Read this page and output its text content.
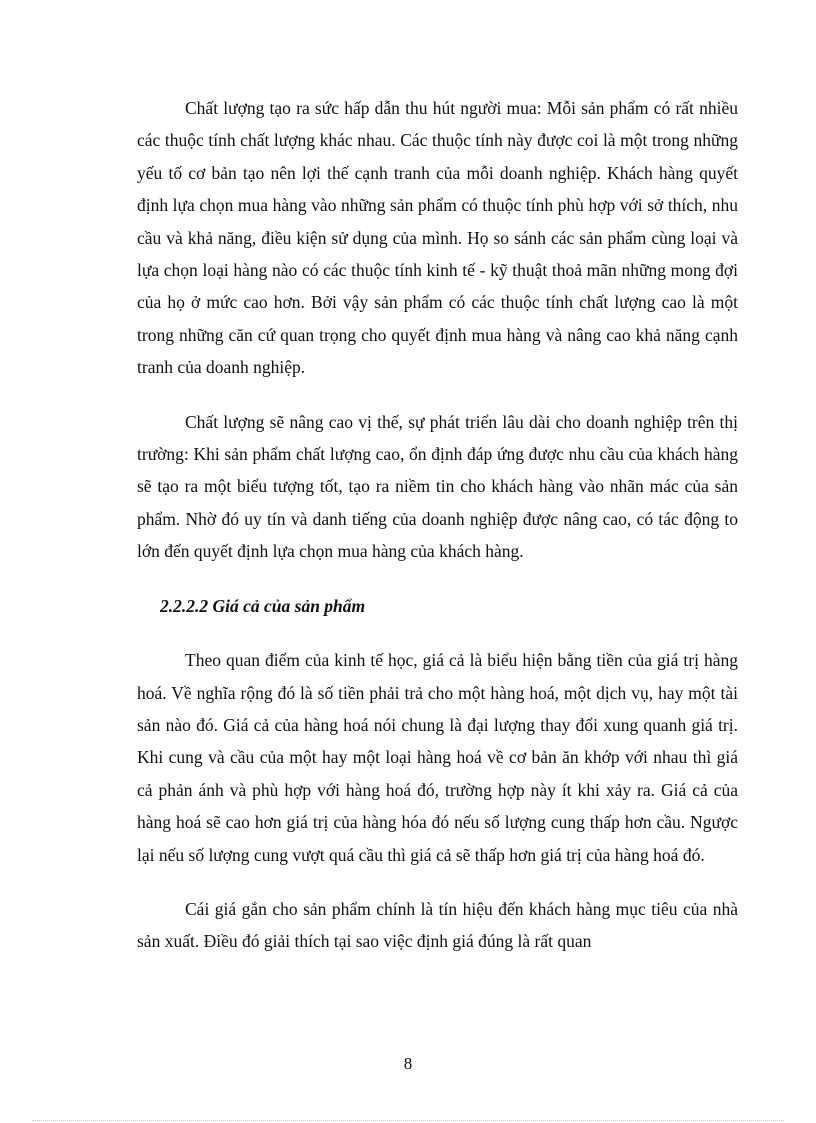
Chất lượng tạo ra sức hấp dẫn thu hút người mua: Mỗi sản phẩm có rất nhiều các thuộc tính chất lượng khác nhau. Các thuộc tính này được coi là một trong những yếu tố cơ bản tạo nên lợi thế cạnh tranh của mỗi doanh nghiệp. Khách hàng quyết định lựa chọn mua hàng vào những sản phẩm có thuộc tính phù hợp với sở thích, nhu cầu và khả năng, điều kiện sử dụng của mình. Họ so sánh các sản phẩm cùng loại và lựa chọn loại hàng nào có các thuộc tính kinh tế - kỹ thuật thoả mãn những mong đợi của họ ở mức cao hơn. Bởi vậy sản phẩm có các thuộc tính chất lượng cao là một trong những căn cứ quan trọng cho quyết định mua hàng và nâng cao khả năng cạnh tranh của doanh nghiệp.

Chất lượng sẽ nâng cao vị thế, sự phát triển lâu dài cho doanh nghiệp trên thị trường: Khi sản phẩm chất lượng cao, ổn định đáp ứng được nhu cầu của khách hàng sẽ tạo ra một biểu tượng tốt, tạo ra niềm tin cho khách hàng vào nhãn mác của sản phẩm. Nhờ đó uy tín và danh tiếng của doanh nghiệp được nâng cao, có tác động to lớn đến quyết định lựa chọn mua hàng của khách hàng.

2.2.2.2 Giá cả của sản phẩm

Theo quan điểm của kinh tế học, giá cả là biểu hiện bằng tiền của giá trị hàng hoá. Về nghĩa rộng đó là số tiền phải trả cho một hàng hoá, một dịch vụ, hay một tài sản nào đó. Giá cả của hàng hoá nói chung là đại lượng thay đổi xung quanh giá trị. Khi cung và cầu của một hay một loại hàng hoá về cơ bản ăn khớp với nhau thì giá cả phản ánh và phù hợp với hàng hoá đó, trường hợp này ít khi xảy ra. Giá cả của hàng hoá sẽ cao hơn giá trị của hàng hóa đó nếu số lượng cung thấp hơn cầu. Ngược lại nếu số lượng cung vượt quá cầu thì giá cả sẽ thấp hơn giá trị của hàng hoá đó.

Cái giá gắn cho sản phẩm chính là tín hiệu đến khách hàng mục tiêu của nhà sản xuất. Điều đó giải thích tại sao việc định giá đúng là rất quan

8
